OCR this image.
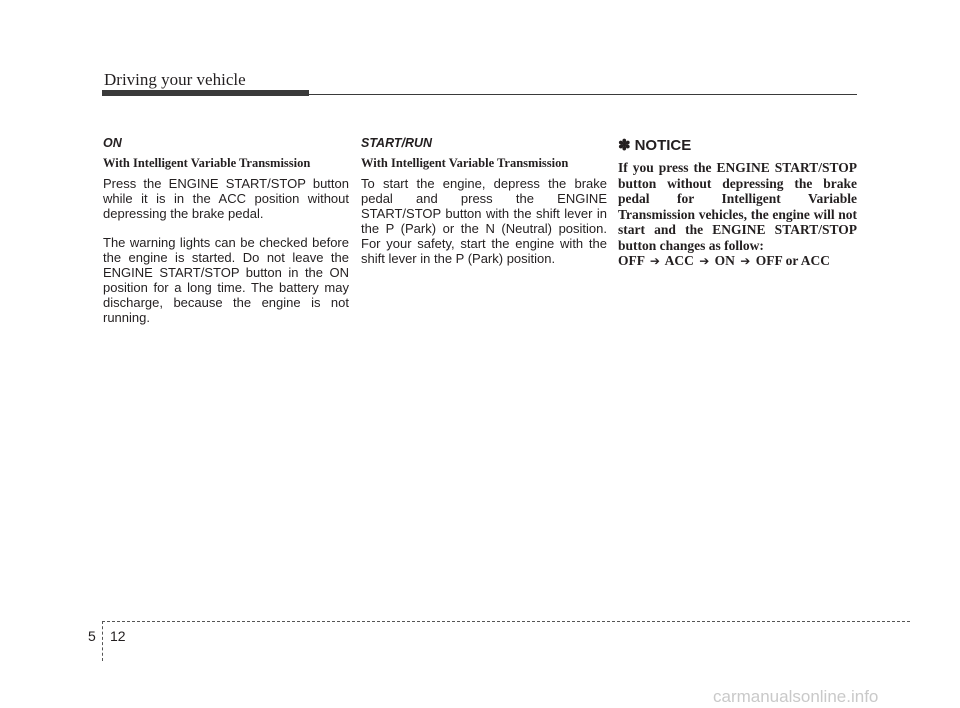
Driving your vehicle
ON
With Intelligent Variable Transmission

Press the ENGINE START/STOP button while it is in the ACC position without depressing the brake pedal.

The warning lights can be checked before the engine is started. Do not leave the ENGINE START/STOP button in the ON position for a long time. The battery may discharge, because the engine is not running.

START/RUN
With Intelligent Variable Transmission

To start the engine, depress the brake pedal and press the ENGINE START/STOP button with the shift lever in the P (Park) or the N (Neutral) position. For your safety, start the engine with the shift lever in the P (Park) position.

✽ NOTICE

If you press the ENGINE START/STOP button without depressing the brake pedal for Intelligent Variable Transmission vehicles, the engine will not start and the ENGINE START/STOP button changes as follow:

OFF ➔ ACC ➔ ON ➔ OFF or ACC

5 12
carmanualsonline.info
